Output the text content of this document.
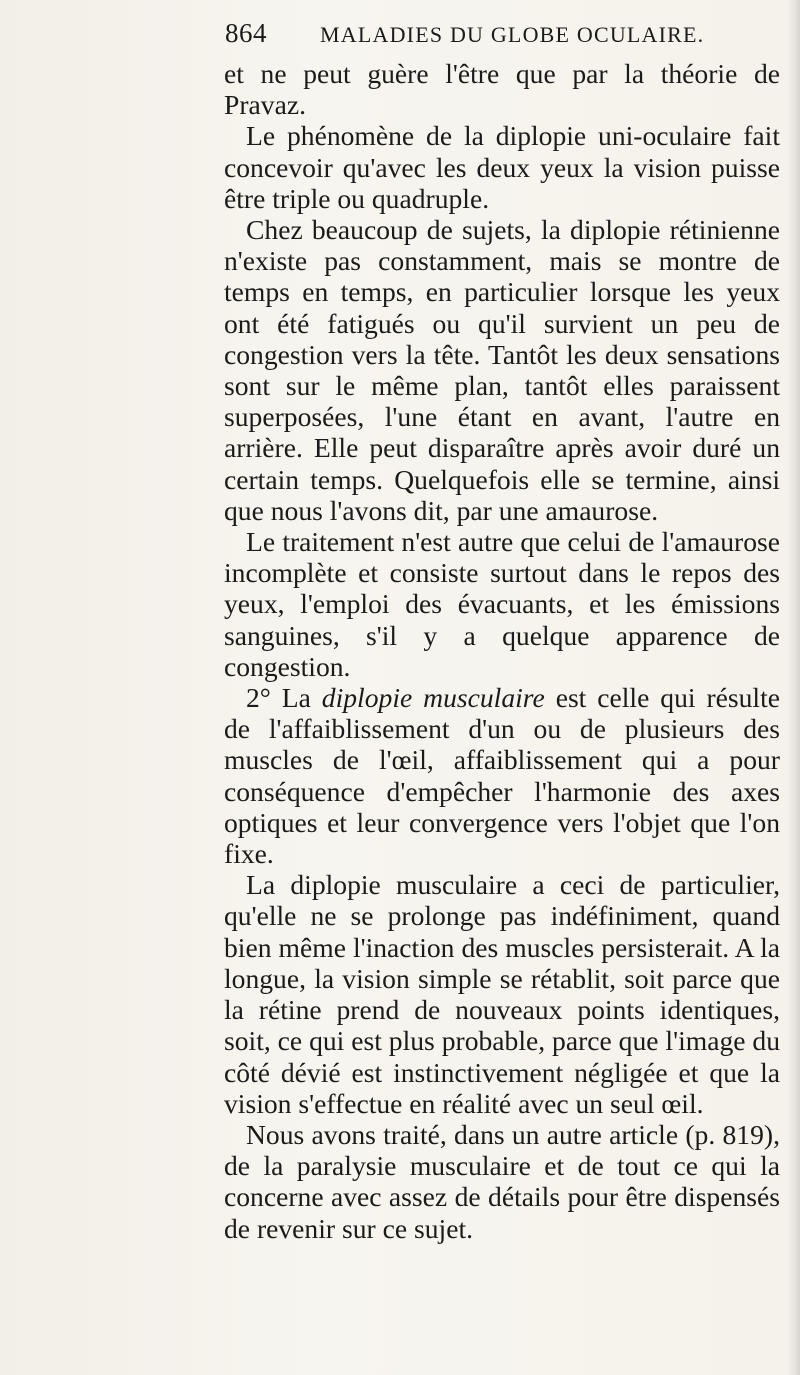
864 MALADIES DU GLOBE OCULAIRE.

et ne peut guère l'être que par la théorie de Pravaz.

Le phénomène de la diplopie uni-oculaire fait concevoir qu'avec les deux yeux la vision puisse être triple ou quadruple.

Chez beaucoup de sujets, la diplopie rétinienne n'existe pas constamment, mais se montre de temps en temps, en particulier lorsque les yeux ont été fatigués ou qu'il survient un peu de congestion vers la tête. Tantôt les deux sensations sont sur le même plan, tantôt elles paraissent superposées, l'une étant en avant, l'autre en arrière. Elle peut disparaître après avoir duré un certain temps. Quelquefois elle se termine, ainsi que nous l'avons dit, par une amaurose.

Le traitement n'est autre que celui de l'amaurose incomplète et consiste surtout dans le repos des yeux, l'emploi des évacuants, et les émissions sanguines, s'il y a quelque apparence de congestion.

2° La diplopie musculaire est celle qui résulte de l'affaiblissement d'un ou de plusieurs des muscles de l'œil, affaiblissement qui a pour conséquence d'empêcher l'harmonie des axes optiques et leur convergence vers l'objet que l'on fixe.

La diplopie musculaire a ceci de particulier, qu'elle ne se prolonge pas indéfiniment, quand bien même l'inaction des muscles persisterait. A la longue, la vision simple se rétablit, soit parce que la rétine prend de nouveaux points identiques, soit, ce qui est plus probable, parce que l'image du côté dévié est instinctivement négligée et que la vision s'effectue en réalité avec un seul œil.

Nous avons traité, dans un autre article (p. 819), de la paralysie musculaire et de tout ce qui la concerne avec assez de détails pour être dispensés de revenir sur ce sujet.
